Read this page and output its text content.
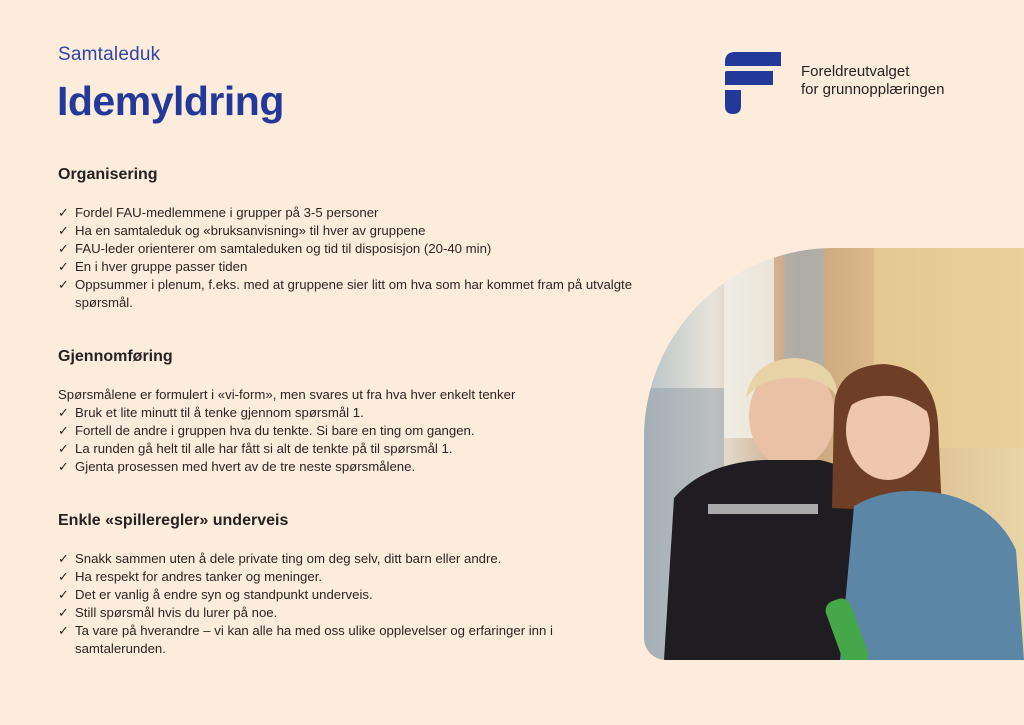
Samtaleduk
Idemyldring
Foreldreutvalget
for grunnopplæringen
Organisering
✓ Fordel FAU-medlemmene i grupper på 3-5 personer
✓ Ha en samtaleduk og «bruksanvisning» til hver av gruppene
✓ FAU-leder orienterer om samtaleduken og tid til disposisjon (20-40 min)
✓ En i hver gruppe passer tiden
✓ Oppsummer i plenum, f.eks. med at gruppene sier litt om hva som har kommet fram på utvalgte spørsmål.
Gjennomføring

Spørsmålene er formulert i «vi-form», men svares ut fra hva hver enkelt tenker

✓ Bruk et lite minutt til å tenke gjennom spørsmål 1.
✓ Fortell de andre i gruppen hva du tenkte. Si bare en ting om gangen.
✓ La runden gå helt til alle har fått si alt de tenkte på til spørsmål 1.
✓ Gjenta prosessen med hvert av de tre neste spørsmålene.
Enkle «spilleregler» underveis
✓ Snakk sammen uten å dele private ting om deg selv, ditt barn eller andre.
✓ Ha respekt for andres tanker og meninger.
✓ Det er vanlig å endre syn og standpunkt underveis.
✓ Still spørsmål hvis du lurer på noe.
✓ Ta vare på hverandre – vi kan alle ha med oss ulike opplevelser og erfaringer inn i samtalerunden.
